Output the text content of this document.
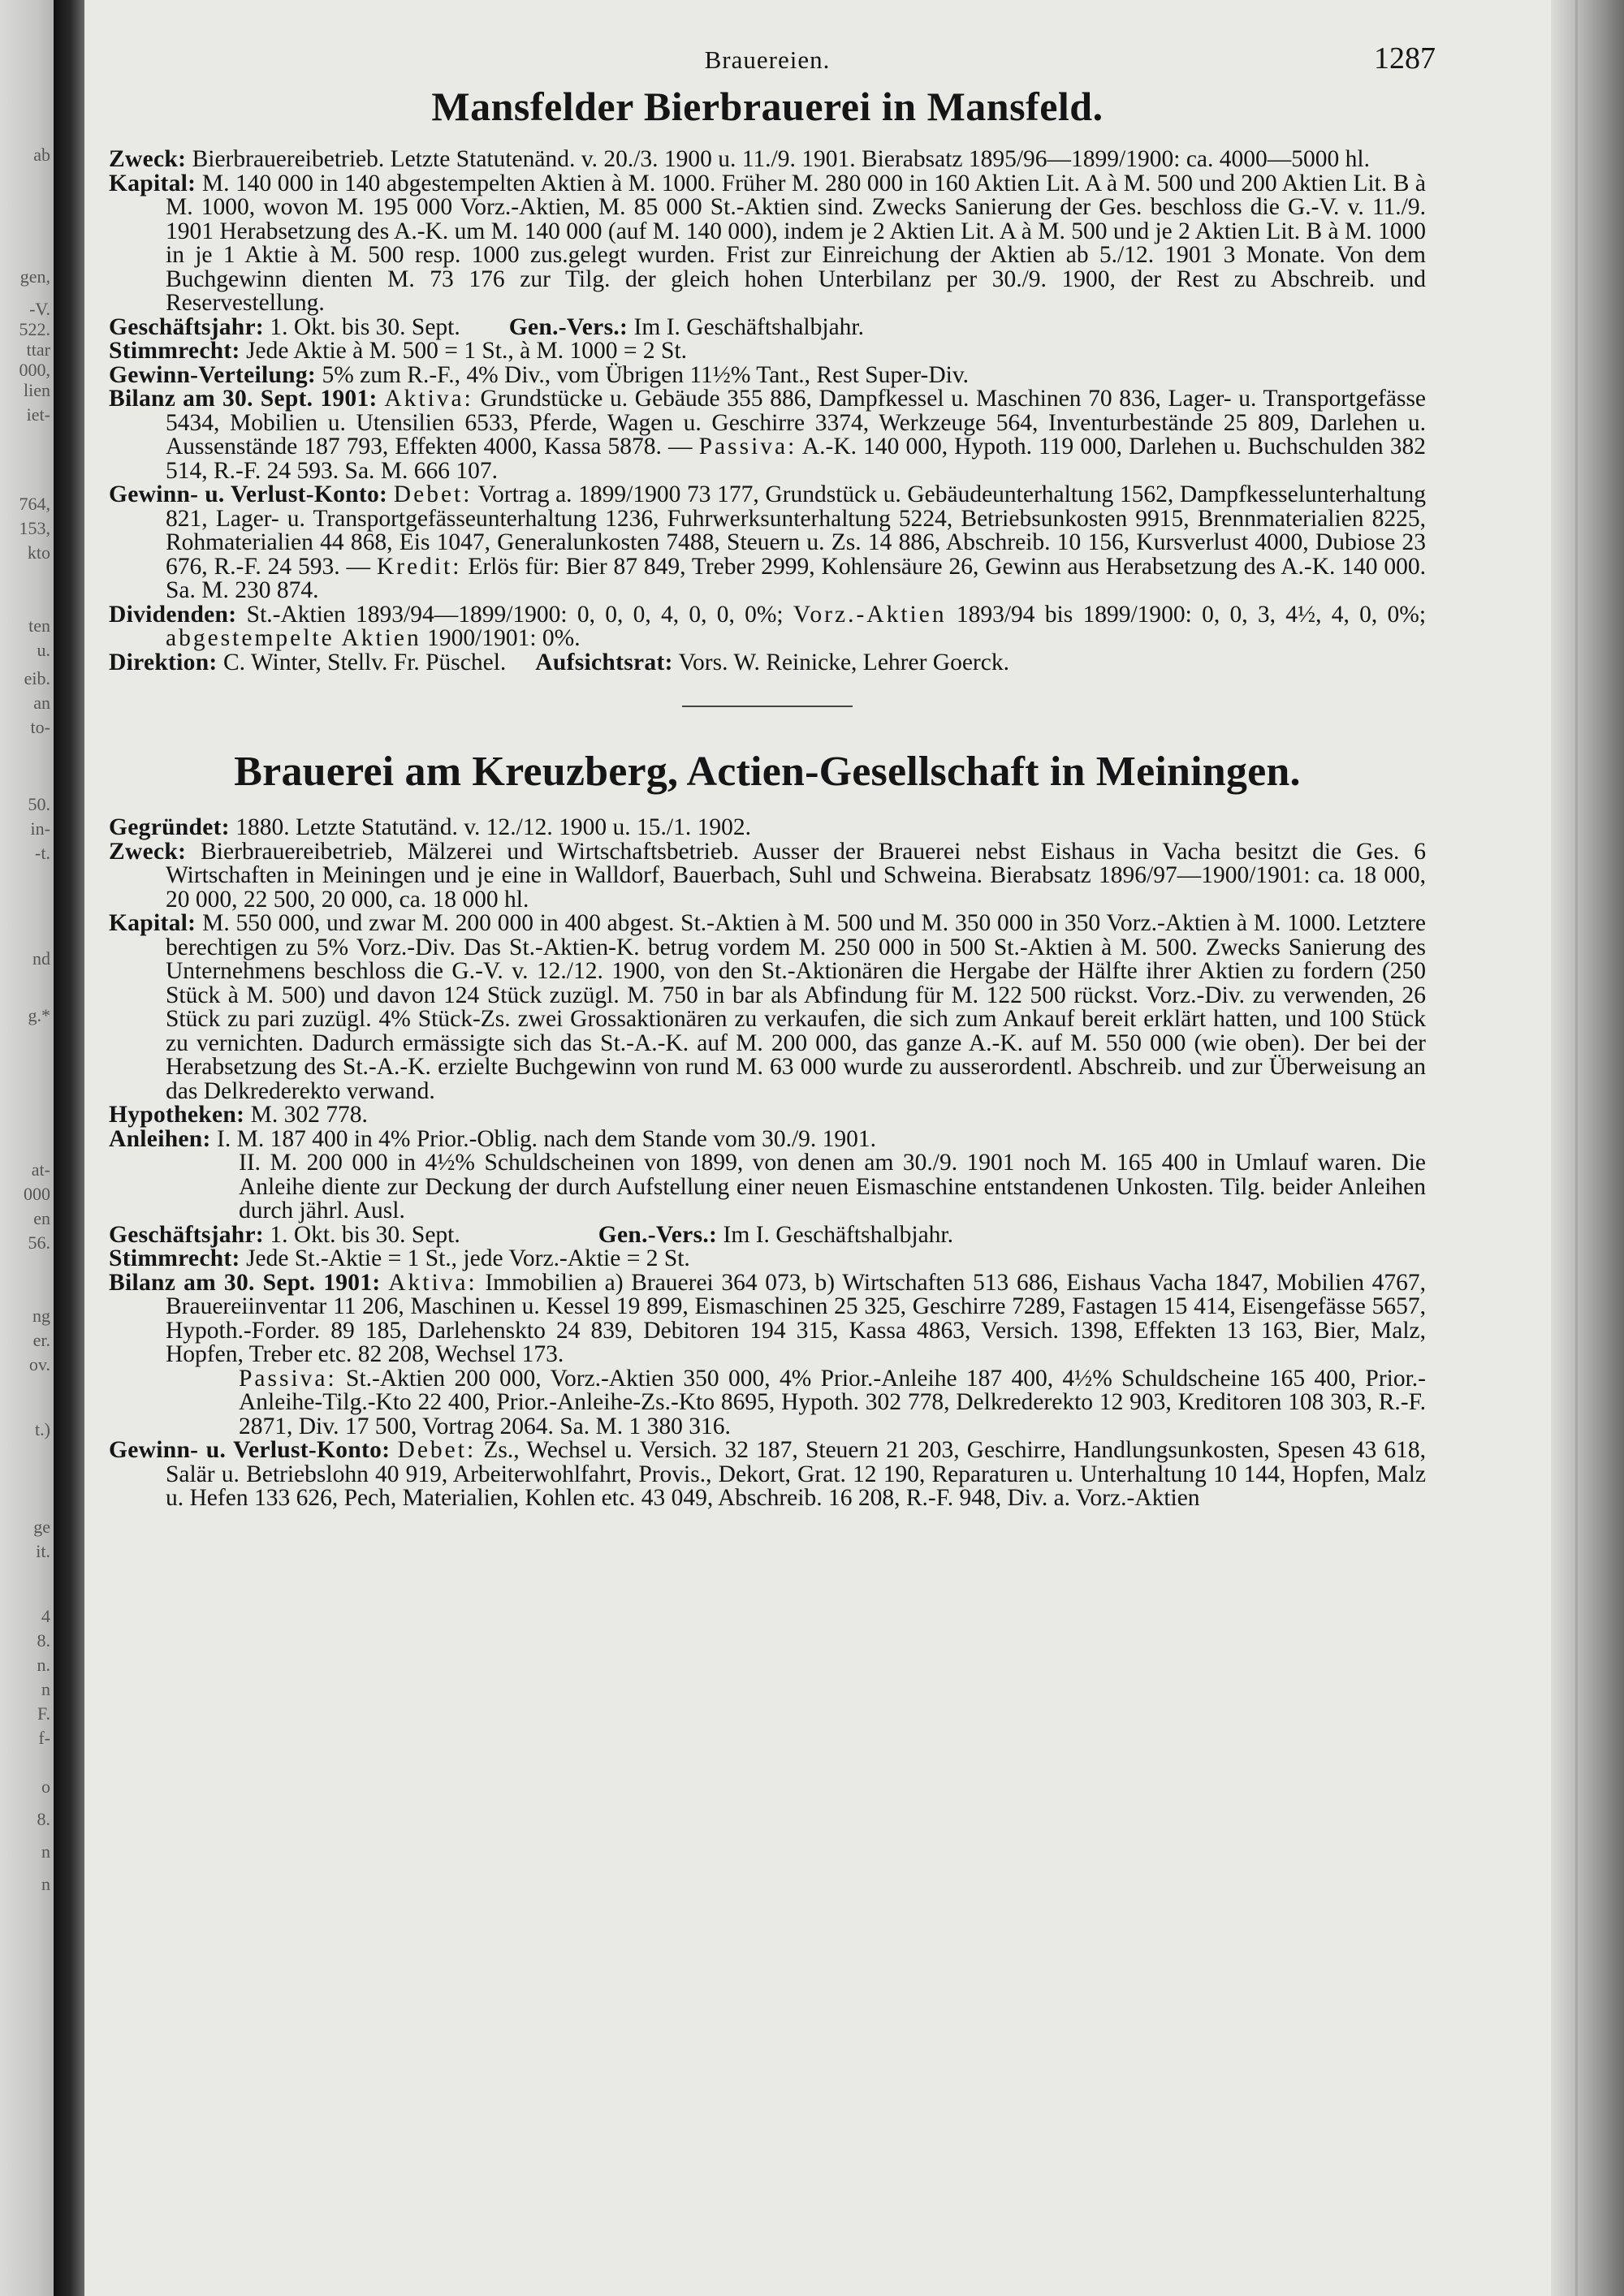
ab
gen,
-V.
522.
ttar
000,
lien
iet-
764,
153,
kto
ten
u.
eib.
an
to-
50.
in-
-t.
nd
g.*
at-
000
en
56.
ng
er.
ov.
t.)
ge
it.
4
8.
n.
n
F.
f-
o
8.
n
n
Brauereien.	1287
Mansfelder Bierbrauerei in Mansfeld.

Zweck: Bierbrauereibetrieb. Letzte Statutenänd. v. 20./3. 1900 u. 11./9. 1901. Bierabsatz 1895/96—1899/1900: ca. 4000—5000 hl.

Kapital: M. 140 000 in 140 abgestempelten Aktien à M. 1000. Früher M. 280 000 in 160 Aktien Lit. A à M. 500 und 200 Aktien Lit. B à M. 1000, wovon M. 195 000 Vorz.-Aktien, M. 85 000 St.-Aktien sind. Zwecks Sanierung der Ges. beschloss die G.-V. v. 11./9. 1901 Herabsetzung des A.-K. um M. 140 000 (auf M. 140 000), indem je 2 Aktien Lit. A à M. 500 und je 2 Aktien Lit. B à M. 1000 in je 1 Aktie à M. 500 resp. 1000 zus.gelegt wurden. Frist zur Einreichung der Aktien ab 5./12. 1901 3 Monate. Von dem Buchgewinn dienten M. 73 176 zur Tilg. der gleich hohen Unterbilanz per 30./9. 1900, der Rest zu Abschreib. und Reservestellung.

Geschäftsjahr: 1. Okt. bis 30. Sept. Gen.-Vers.: Im I. Geschäftshalbjahr.

Stimmrecht: Jede Aktie à M. 500 = 1 St., à M. 1000 = 2 St.

Gewinn-Verteilung: 5% zum R.-F., 4% Div., vom Übrigen 11½% Tant., Rest Super-Div.

Bilanz am 30. Sept. 1901: Aktiva: Grundstücke u. Gebäude 355 886, Dampfkessel u. Maschinen 70 836, Lager- u. Transportgefässe 5434, Mobilien u. Utensilien 6533, Pferde, Wagen u. Geschirre 3374, Werkzeuge 564, Inventurbestände 25 809, Darlehen u. Aussenstände 187 793, Effekten 4000, Kassa 5878. — Passiva: A.-K. 140 000, Hypoth. 119 000, Darlehen u. Buchschulden 382 514, R.-F. 24 593. Sa. M. 666 107.

Gewinn- u. Verlust-Konto: Debet: Vortrag a. 1899/1900 73 177, Grundstück u. Gebäudeunterhaltung 1562, Dampfkesselunterhaltung 821, Lager- u. Transportgefässeunterhaltung 1236, Fuhrwerksunterhaltung 5224, Betriebsunkosten 9915, Brennmaterialien 8225, Rohmaterialien 44 868, Eis 1047, Generalunkosten 7488, Steuern u. Zs. 14 886, Abschreib. 10 156, Kursverlust 4000, Dubiose 23 676, R.-F. 24 593. — Kredit: Erlös für: Bier 87 849, Treber 2999, Kohlensäure 26, Gewinn aus Herabsetzung des A.-K. 140 000. Sa. M. 230 874.

Dividenden: St.-Aktien 1893/94—1899/1900: 0, 0, 0, 4, 0, 0, 0%; Vorz.-Aktien 1893/94 bis 1899/1900: 0, 0, 3, 4½, 4, 0, 0%; abgestempelte Aktien 1900/1901: 0%.

Direktion: C. Winter, Stellv. Fr. Püschel. Aufsichtsrat: Vors. W. Reinicke, Lehrer Goerck.

Brauerei am Kreuzberg, Actien-Gesellschaft in Meiningen.

Gegründet: 1880. Letzte Statutänd. v. 12./12. 1900 u. 15./1. 1902.

Zweck: Bierbrauereibetrieb, Mälzerei und Wirtschaftsbetrieb. Ausser der Brauerei nebst Eishaus in Vacha besitzt die Ges. 6 Wirtschaften in Meiningen und je eine in Walldorf, Bauerbach, Suhl und Schweina. Bierabsatz 1896/97—1900/1901: ca. 18 000, 20 000, 22 500, 20 000, ca. 18 000 hl.

Kapital: M. 550 000, und zwar M. 200 000 in 400 abgest. St.-Aktien à M. 500 und M. 350 000 in 350 Vorz.-Aktien à M. 1000. Letztere berechtigen zu 5% Vorz.-Div. Das St.-Aktien-K. betrug vordem M. 250 000 in 500 St.-Aktien à M. 500. Zwecks Sanierung des Unternehmens beschloss die G.-V. v. 12./12. 1900, von den St.-Aktionären die Hergabe der Hälfte ihrer Aktien zu fordern (250 Stück à M. 500) und davon 124 Stück zuzügl. M. 750 in bar als Abfindung für M. 122 500 rückst. Vorz.-Div. zu verwenden, 26 Stück zu pari zuzügl. 4% Stück-Zs. zwei Grossaktionären zu verkaufen, die sich zum Ankauf bereit erklärt hatten, und 100 Stück zu vernichten. Dadurch ermässigte sich das St.-A.-K. auf M. 200 000, das ganze A.-K. auf M. 550 000 (wie oben). Der bei der Herabsetzung des St.-A.-K. erzielte Buchgewinn von rund M. 63 000 wurde zu ausserordentl. Abschreib. und zur Überweisung an das Delkrederekto verwand.

Hypotheken: M. 302 778.

Anleihen: I. M. 187 400 in 4% Prior.-Oblig. nach dem Stande vom 30./9. 1901.
II. M. 200 000 in 4½% Schuldscheinen von 1899, von denen am 30./9. 1901 noch M. 165 400 in Umlauf waren. Die Anleihe diente zur Deckung der durch Aufstellung einer neuen Eismaschine entstandenen Unkosten. Tilg. beider Anleihen durch jährl. Ausl.

Geschäftsjahr: 1. Okt. bis 30. Sept.	Gen.-Vers.: Im I. Geschäftshalbjahr.

Stimmrecht: Jede St.-Aktie = 1 St., jede Vorz.-Aktie = 2 St.

Bilanz am 30. Sept. 1901: Aktiva: Immobilien a) Brauerei 364 073, b) Wirtschaften 513 686, Eishaus Vacha 1847, Mobilien 4767, Brauereiinventar 11 206, Maschinen u. Kessel 19 899, Eismaschinen 25 325, Geschirre 7289, Fastagen 15 414, Eisengefässe 5657, Hypoth.-Forder. 89 185, Darlehenskto 24 839, Debitoren 194 315, Kassa 4863, Versich. 1398, Effekten 13 163, Bier, Malz, Hopfen, Treber etc. 82 208, Wechsel 173.
Passiva: St.-Aktien 200 000, Vorz.-Aktien 350 000, 4% Prior.-Anleihe 187 400, 4½% Schuldscheine 165 400, Prior.-Anleihe-Tilg.-Kto 22 400, Prior.-Anleihe-Zs.-Kto 8695, Hypoth. 302 778, Delkrederekto 12 903, Kreditoren 108 303, R.-F. 2871, Div. 17 500, Vortrag 2064. Sa. M. 1 380 316.

Gewinn- u. Verlust-Konto: Debet: Zs., Wechsel u. Versich. 32 187, Steuern 21 203, Geschirre, Handlungsunkosten, Spesen 43 618, Salär u. Betriebslohn 40 919, Arbeiterwohlfahrt, Provis., Dekort, Grat. 12 190, Reparaturen u. Unterhaltung 10 144, Hopfen, Malz u. Hefen 133 626, Pech, Materialien, Kohlen etc. 43 049, Abschreib. 16 208, R.-F. 948, Div. a. Vorz.-Aktien
